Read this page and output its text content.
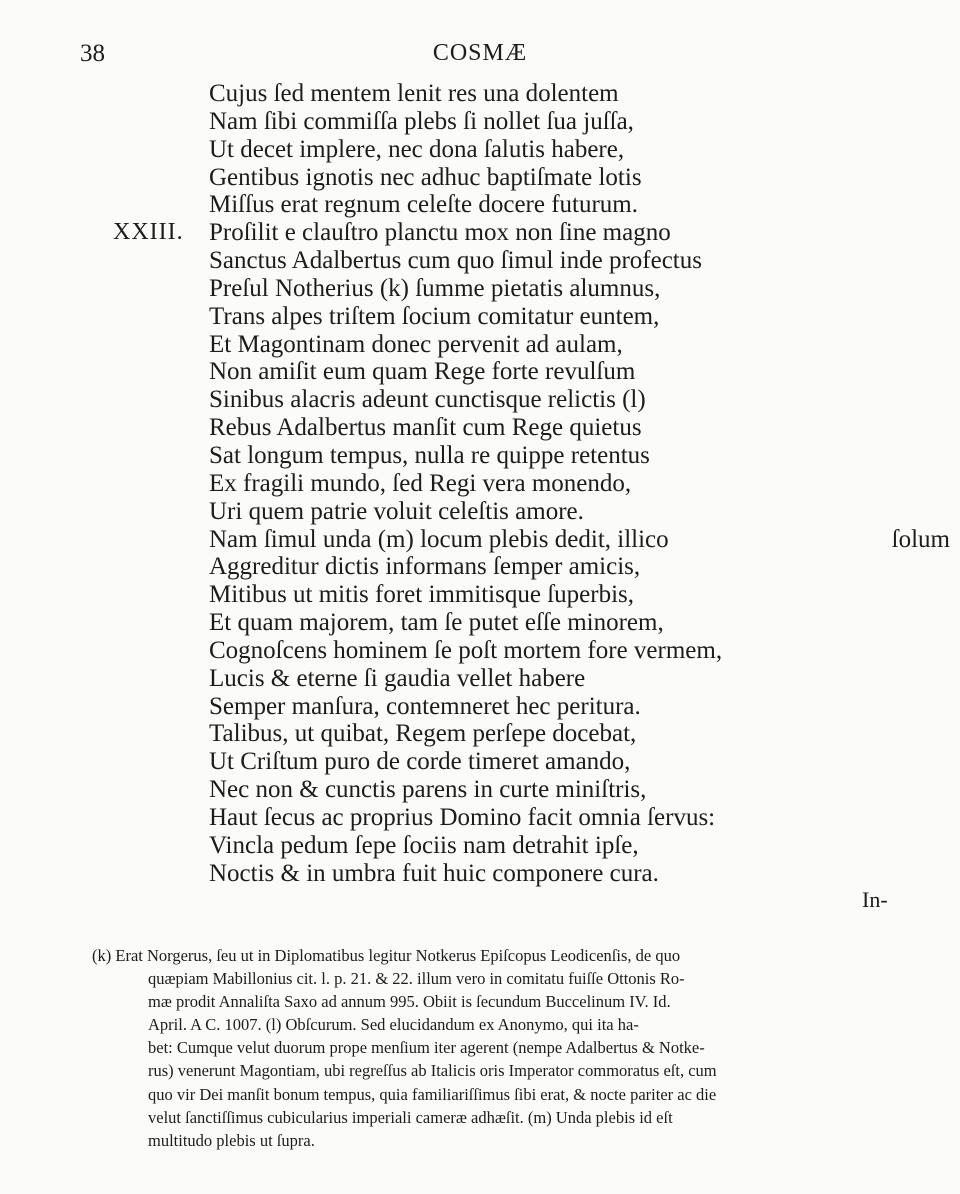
38	COSMÆ
Cujus ſed mentem lenit res una dolentem
Nam ſibi commiſſa plebs ſi nollet ſua juſſa,
Ut decet implere, nec dona ſalutis habere,
Gentibus ignotis nec adhuc baptiſmate lotis
Miſſus erat regnum celeſte docere futurum.
XXIII. Proſilit e clauſtro planctu mox non ſine magno
Sanctus Adalbertus cum quo ſimul inde profectus
Preſul Notherius (k) ſumme pietatis alumnus,
Trans alpes triſtem ſocium comitatur euntem,
Et Magontinam donec pervenit ad aulam,
Non amiſit eum quam Rege forte revulſum
Sinibus alacris adeunt cunctisque relictis (l)
Rebus Adalbertus manſit cum Rege quietus
Sat longum tempus, nulla re quippe retentus
Ex fragili mundo, ſed Regi vera monendo,
Uri quem patrie voluit celeſtis amore.
Nam ſimul unda (m) locum plebis dedit, illico	ſolum
Aggreditur dictis informans ſemper amicis,
Mitibus ut mitis foret immitisque ſuperbis,
Et quam majorem, tam ſe putet eſſe minorem,
Cognoſcens hominem ſe poſt mortem fore vermem,
Lucis & eterne ſi gaudia vellet habere
Semper manſura, contemneret hec peritura.
Talibus, ut quibat, Regem perſepe docebat,
Ut Criſtum puro de corde timeret amando,
Nec non & cunctis parens in curte miniſtris,
Haut ſecus ac proprius Domino facit omnia ſervus:
Vincla pedum ſepe ſociis nam detrahit ipſe,
Noctis & in umbra fuit huic componere cura.
In-
(k) Erat Norgerus, ſeu ut in Diplomatibus legitur Notkerus Epiſcopus Leodicenſis, de quo
quæpiam Mabillonius cit. l. p. 21. & 22. illum vero in comitatu fuiſſe Ottonis Ro-
mæ prodit Annaliſta Saxo ad annum 995. Obiit is ſecundum Buccelinum IV. Id.
April. A C. 1007. (l) Obſcurum. Sed elucidandum ex Anonymo, qui ita ha-
bet: Cumque velut duorum prope menſium iter agerent (nempe Adalbertus & Notke-
rus) venerunt Magontiam, ubi regreſſus ab Italicis oris Imperator commoratus eſt, cum
quo vir Dei manſit bonum tempus, quia familiariſſimus ſibi erat, & nocte pariter ac die
velut ſanctiſſimus cubicularius imperiali cameræ adhæſit. (m) Unda plebis id eſt
multitudo plebis ut ſupra.
